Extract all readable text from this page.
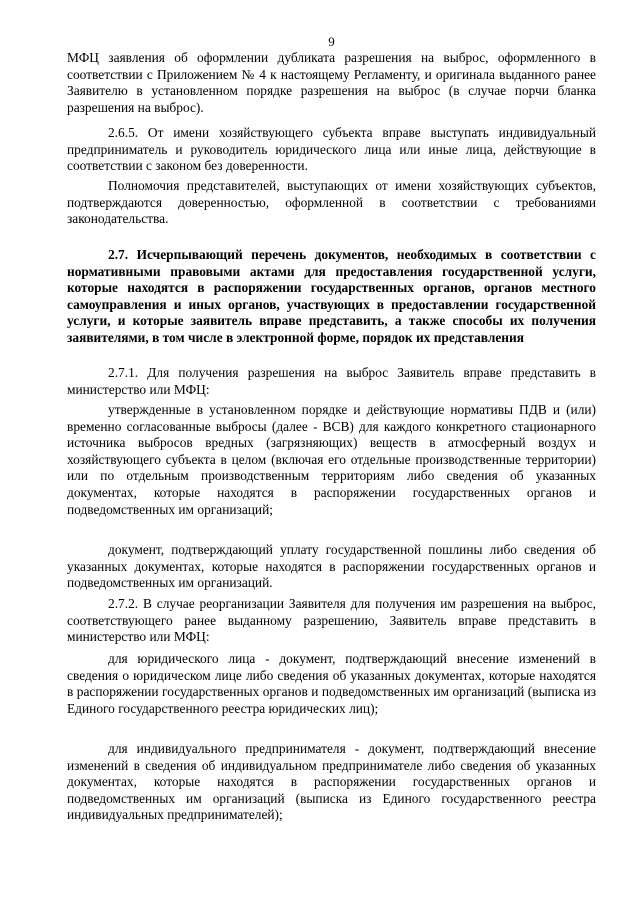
9
МФЦ заявления об оформлении дубликата разрешения на выброс, оформленного в соответствии с Приложением № 4 к настоящему Регламенту, и оригинала выданного ранее Заявителю в установленном порядке разрешения на выброс (в случае порчи бланка разрешения на выброс).
2.6.5. От имени хозяйствующего субъекта вправе выступать индивидуальный предприниматель и руководитель юридического лица или иные лица, действующие в соответствии с законом без доверенности.
Полномочия представителей, выступающих от имени хозяйствующих субъектов, подтверждаются доверенностью, оформленной в соответствии с требованиями законодательства.
2.7. Исчерпывающий перечень документов, необходимых в соответствии с нормативными правовыми актами для предоставления государственной услуги, которые находятся в распоряжении государственных органов, органов местного самоуправления и иных органов, участвующих в предоставлении государственной услуги, и которые заявитель вправе представить, а также способы их получения заявителями, в том числе в электронной форме, порядок их представления
2.7.1. Для получения разрешения на выброс Заявитель вправе представить в министерство или МФЦ:
утвержденные в установленном порядке и действующие нормативы ПДВ и (или) временно согласованные выбросы (далее - ВСВ) для каждого конкретного стационарного источника выбросов вредных (загрязняющих) веществ в атмосферный воздух и хозяйствующего субъекта в целом (включая его отдельные производственные территории) или по отдельным производственным территориям либо сведения об указанных документах, которые находятся в распоряжении государственных органов и подведомственных им организаций;
документ, подтверждающий уплату государственной пошлины либо сведения об указанных документах, которые находятся в распоряжении государственных органов и подведомственных им организаций.
2.7.2. В случае реорганизации Заявителя для получения им разрешения на выброс, соответствующего ранее выданному разрешению, Заявитель вправе представить в министерство или МФЦ:
для юридического лица - документ, подтверждающий внесение изменений в сведения о юридическом лице либо сведения об указанных документах, которые находятся в распоряжении государственных органов и подведомственных им организаций (выписка из Единого государственного реестра юридических лиц);
для индивидуального предпринимателя - документ, подтверждающий внесение изменений в сведения об индивидуальном предпринимателе либо сведения об указанных документах, которые находятся в распоряжении государственных органов и подведомственных им организаций (выписка из Единого государственного реестра индивидуальных предпринимателей);
